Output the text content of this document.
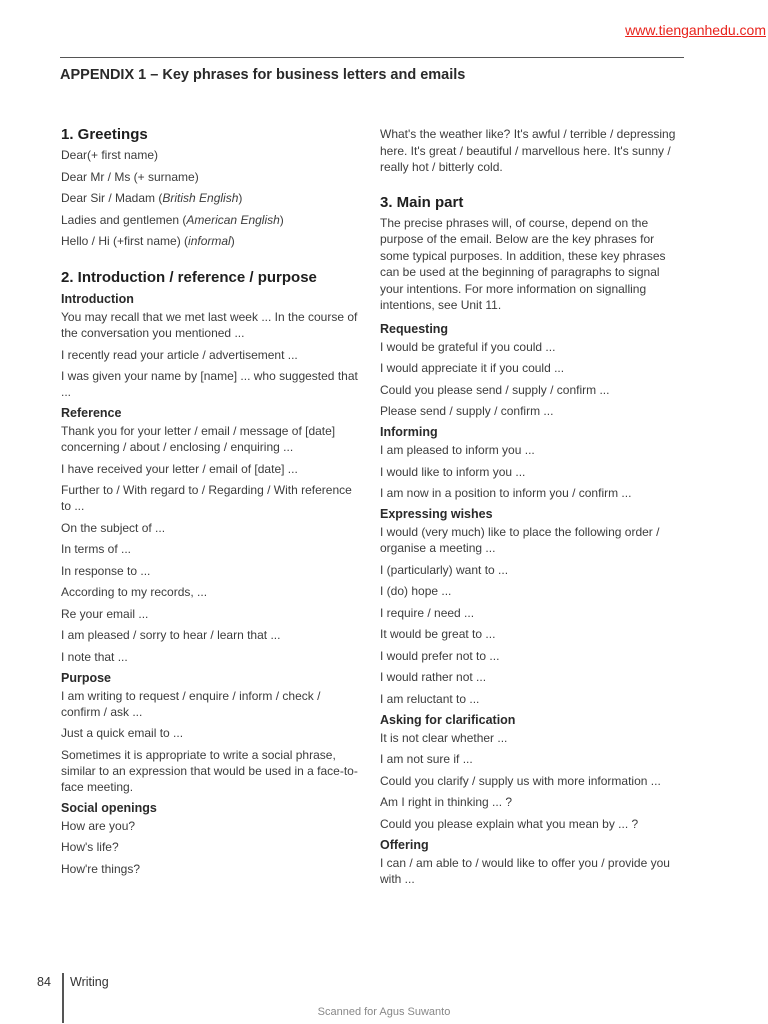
www.tienganhedu.com
APPENDIX 1 – Key phrases for business letters and emails
1. Greetings

Dear(+ first name)

Dear Mr / Ms (+ surname)

Dear Sir / Madam (British English)

Ladies and gentlemen (American English)

Hello / Hi (+first name) (informal)

2. Introduction / reference / purpose
Introduction

You may recall that we met last week ... In the course of the conversation you mentioned ...

I recently read your article / advertisement ...

I was given your name by [name] ... who suggested that ...

Reference

Thank you for your letter / email / message of [date] concerning / about / enclosing / enquiring ...

I have received your letter / email of [date] ...

Further to / With regard to / Regarding / With reference to ...

On the subject of ...

In terms of ...

In response to ...

According to my records, ...

Re your email ...

I am pleased / sorry to hear / learn that ...

I note that ...

Purpose

I am writing to request / enquire / inform / check / confirm / ask ...

Just a quick email to ...

Sometimes it is appropriate to write a social phrase, similar to an expression that would be used in a face-to-face meeting.

Social openings

How are you?

How's life?

How're things?

What's the weather like? It's awful / terrible / depressing here. It's great / beautiful / marvellous here. It's sunny / really hot / bitterly cold.

3. Main part

The precise phrases will, of course, depend on the purpose of the email. Below are the key phrases for some typical purposes. In addition, these key phrases can be used at the beginning of paragraphs to signal your intentions. For more information on signalling intentions, see Unit 11.

Requesting

I would be grateful if you could ...

I would appreciate it if you could ...

Could you please send / supply / confirm ...

Please send / supply / confirm ...

Informing

I am pleased to inform you ...

I would like to inform you ...

I am now in a position to inform you / confirm ...

Expressing wishes

I would (very much) like to place the following order / organise a meeting ...

I (particularly) want to ...

I (do) hope ...

I require / need ...

It would be great to ...

I would prefer not to ...

I would rather not ...

I am reluctant to ...

Asking for clarification

It is not clear whether ...

I am not sure if ...

Could you clarify / supply us with more information ...

Am I right in thinking ... ?

Could you please explain what you mean by ... ?

Offering

I can / am able to / would like to offer you / provide you with ...

84 Writing
Scanned for Agus Suwanto
